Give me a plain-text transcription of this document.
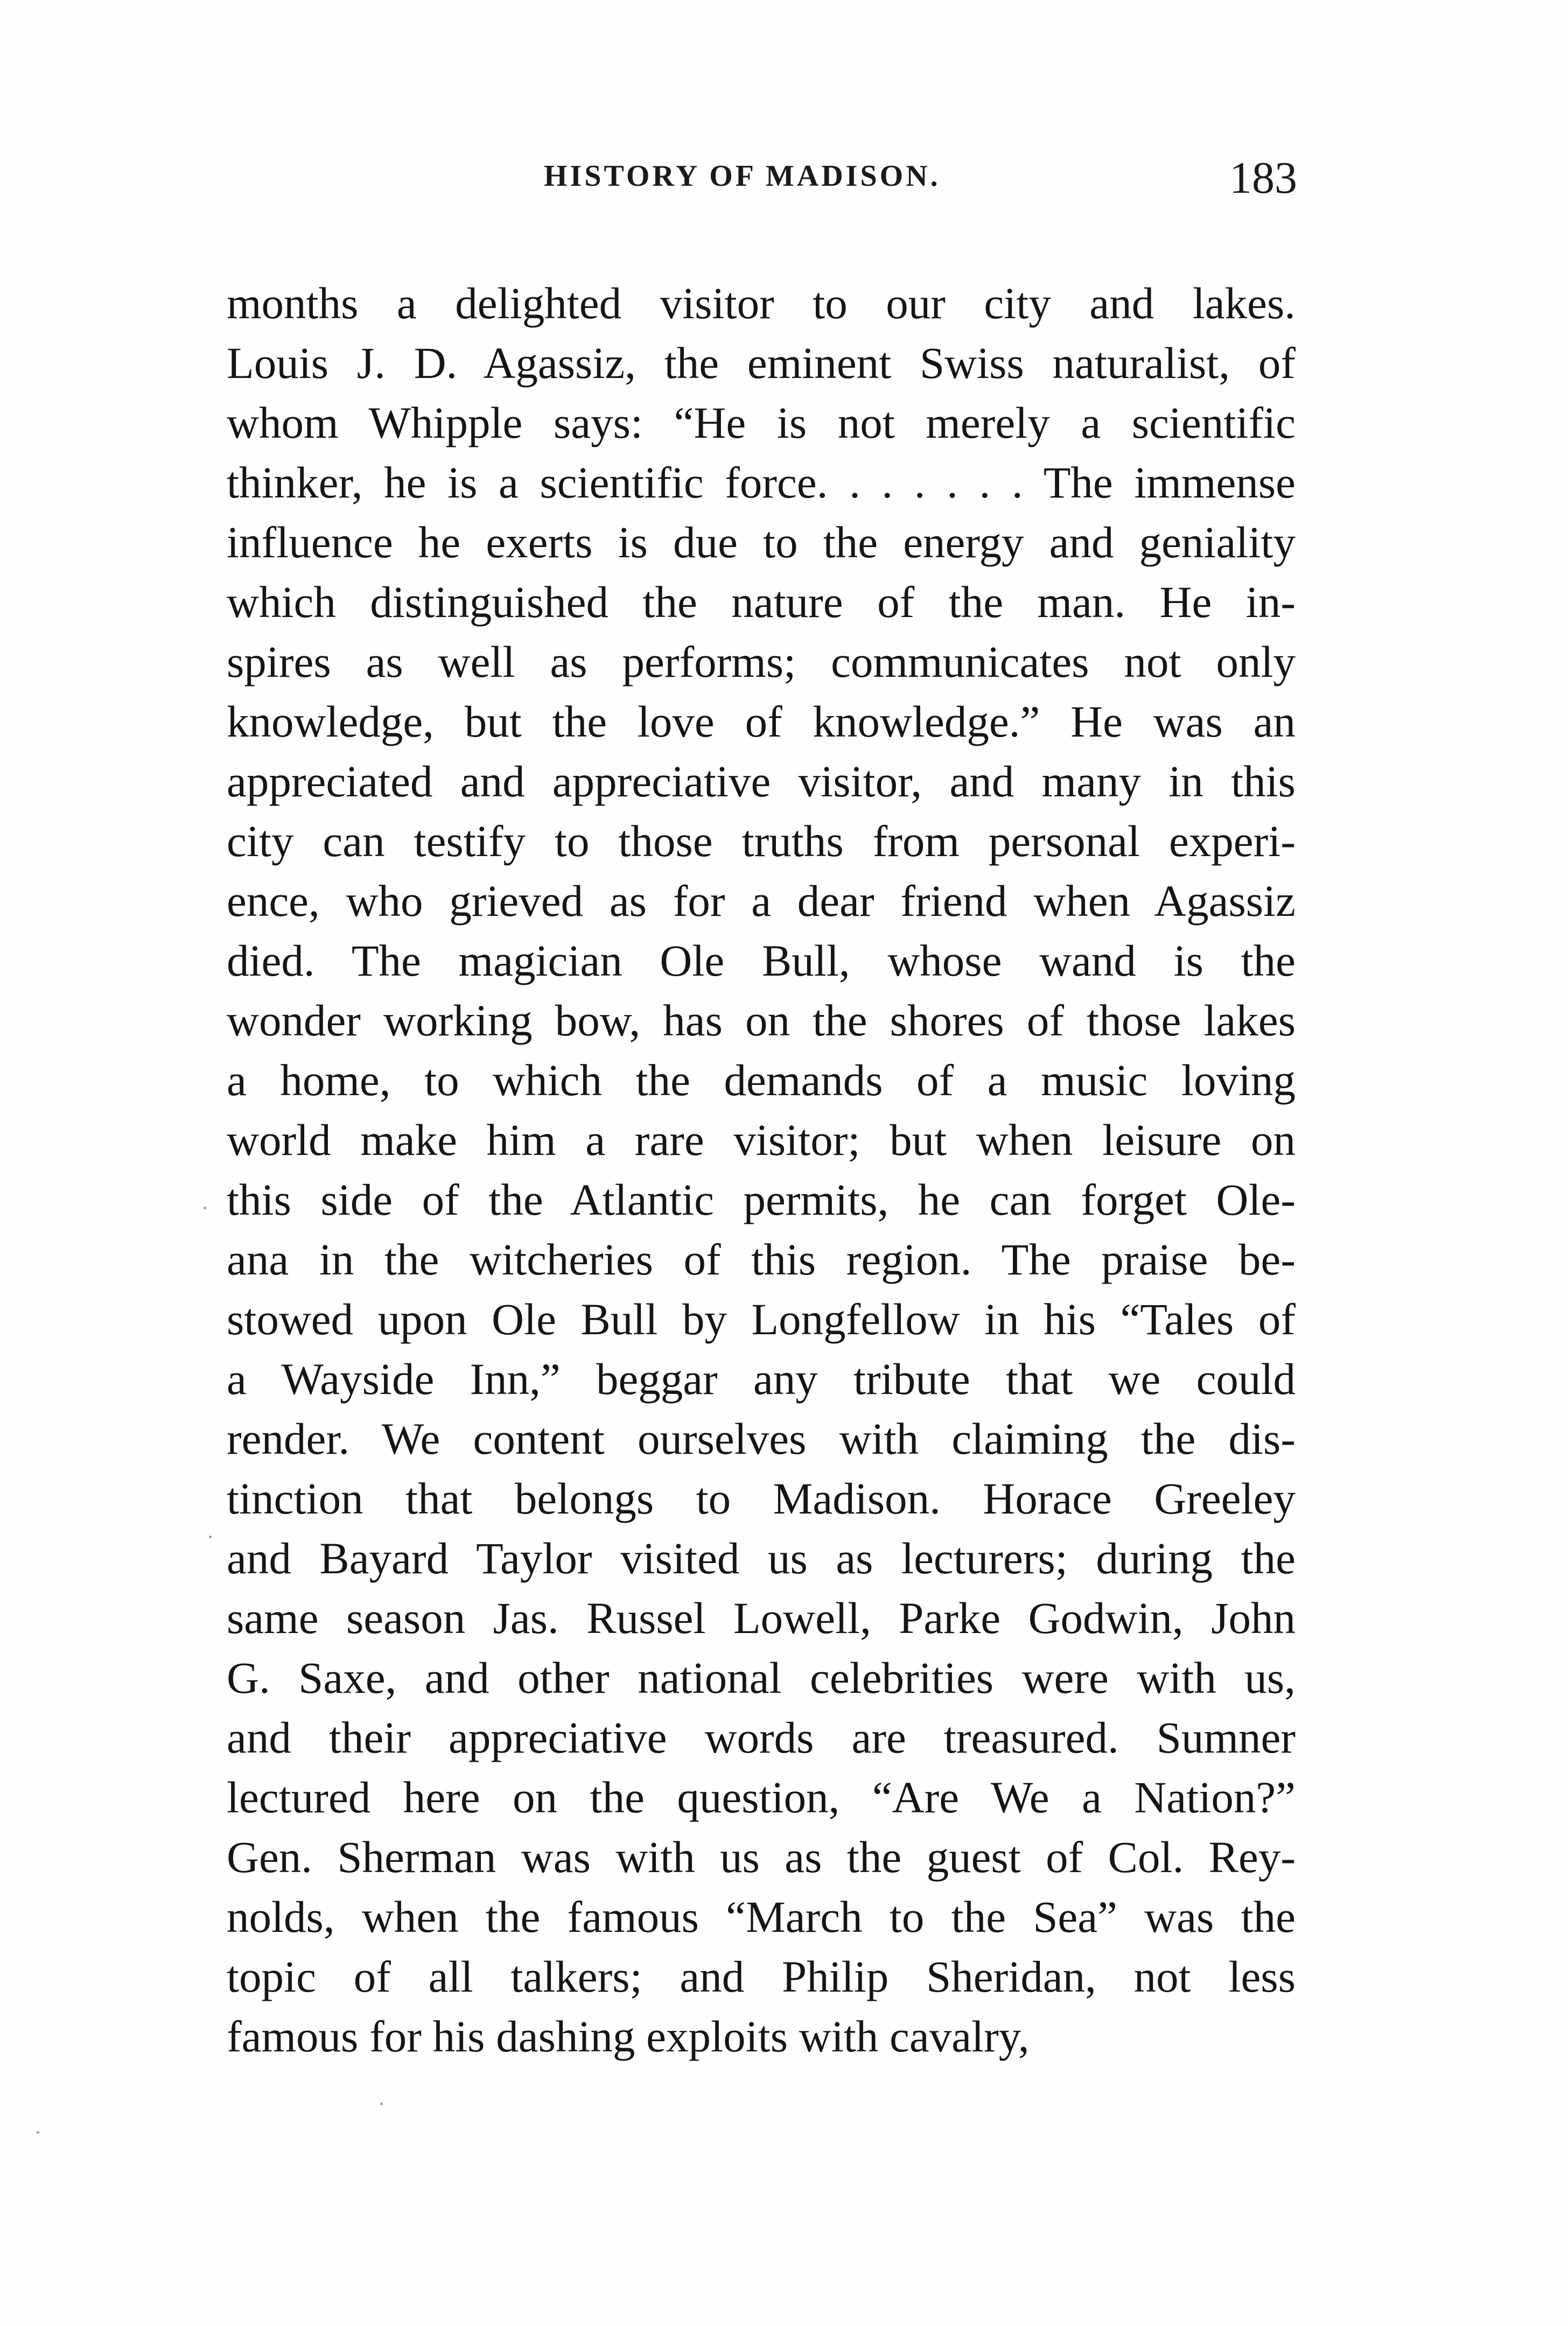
HISTORY OF MADISON.	183
months a delighted visitor to our city and lakes.
Louis J. D. Agassiz, the eminent Swiss naturalist, of
whom Whipple says: “He is not merely a scientific
thinker, he is a scientific force. . . . . . . The immense
influence he exerts is due to the energy and geniality
which distinguished the nature of the man. He in-
spires as well as performs; communicates not only
knowledge, but the love of knowledge.” He was an
appreciated and appreciative visitor, and many in this
city can testify to those truths from personal experi-
ence, who grieved as for a dear friend when Agassiz
died. The magician Ole Bull, whose wand is the
wonder working bow, has on the shores of those lakes
a home, to which the demands of a music loving
world make him a rare visitor; but when leisure on
this side of the Atlantic permits, he can forget Ole-
ana in the witcheries of this region. The praise be-
stowed upon Ole Bull by Longfellow in his “Tales of
a Wayside Inn,” beggar any tribute that we could
render. We content ourselves with claiming the dis-
tinction that belongs to Madison. Horace Greeley
and Bayard Taylor visited us as lecturers; during the
same season Jas. Russel Lowell, Parke Godwin, John
G. Saxe, and other national celebrities were with us,
and their appreciative words are treasured. Sumner
lectured here on the question, “Are We a Nation?”
Gen. Sherman was with us as the guest of Col. Rey-
nolds, when the famous “March to the Sea” was the
topic of all talkers; and Philip Sheridan, not less
famous for his dashing exploits with cavalry,
